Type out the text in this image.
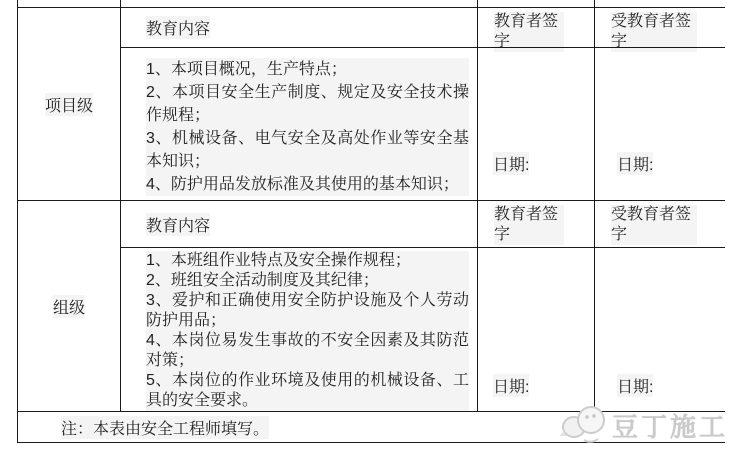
项目级
教育内容
1、本项目概况，生产特点；
2、本项目安全生产制度、规定及安全技术操作规程；
3、机械设备、电气安全及高处作业等安全基本知识；
4、防护用品发放标准及其使用的基本知识；
教育者签字
日期:
受教育者签字
日期:
组级
教育内容
1、本班组作业特点及安全操作规程；
2、班组安全活动制度及其纪律；
3、爱护和正确使用安全防护设施及个人劳动防护用品；
4、本岗位易发生事故的不安全因素及其防范对策；
5、本岗位的作业环境及使用的机械设备、工具的安全要求。
教育者签字
日期:
受教育者签字
日期:
注：本表由安全工程师填写。	豆丁施工
